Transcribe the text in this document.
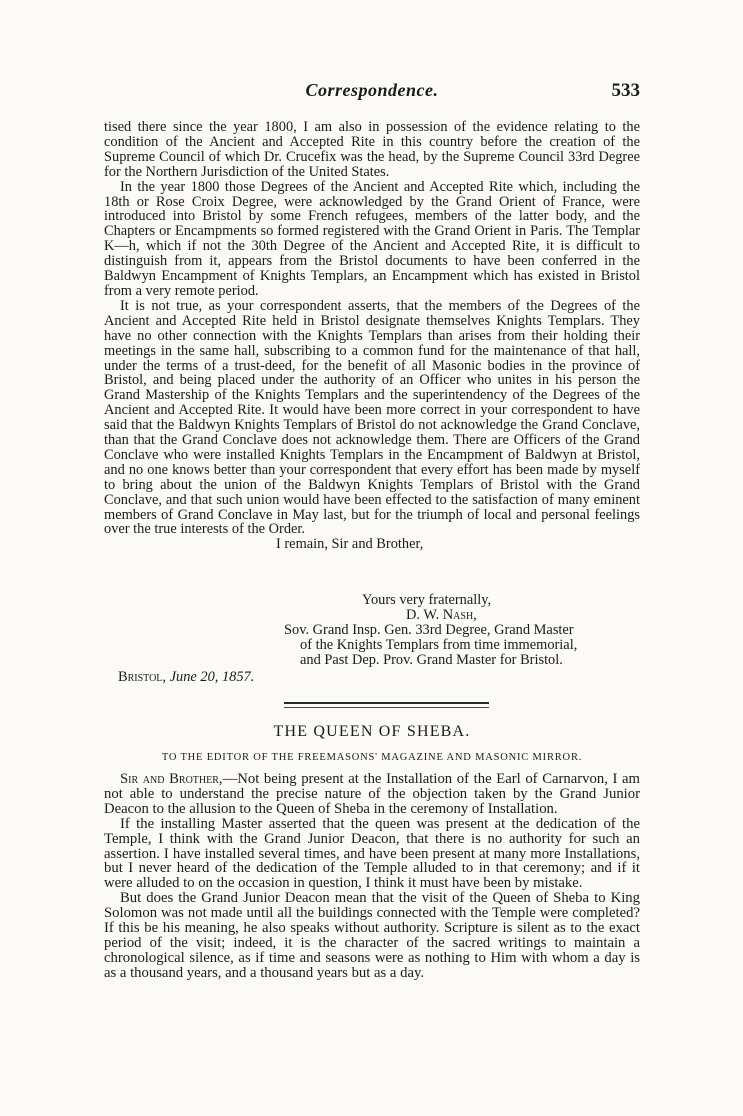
Correspondence.	533

tised there since the year 1800, I am also in possession of the evidence relating to the condition of the Ancient and Accepted Rite in this country before the creation of the Supreme Council of which Dr. Crucefix was the head, by the Supreme Council 33rd Degree for the Northern Jurisdiction of the United States.

In the year 1800 those Degrees of the Ancient and Accepted Rite which, including the 18th or Rose Croix Degree, were acknowledged by the Grand Orient of France, were introduced into Bristol by some French refugees, members of the latter body, and the Chapters or Encampments so formed registered with the Grand Orient in Paris. The Templar K—h, which if not the 30th Degree of the Ancient and Accepted Rite, it is difficult to distinguish from it, appears from the Bristol documents to have been conferred in the Baldwyn Encampment of Knights Templars, an Encampment which has existed in Bristol from a very remote period.

It is not true, as your correspondent asserts, that the members of the Degrees of the Ancient and Accepted Rite held in Bristol designate themselves Knights Templars. They have no other connection with the Knights Templars than arises from their holding their meetings in the same hall, subscribing to a common fund for the maintenance of that hall, under the terms of a trust-deed, for the benefit of all Masonic bodies in the province of Bristol, and being placed under the authority of an Officer who unites in his person the Grand Mastership of the Knights Templars and the superintendency of the Degrees of the Ancient and Accepted Rite. It would have been more correct in your correspondent to have said that the Baldwyn Knights Templars of Bristol do not acknowledge the Grand Conclave, than that the Grand Conclave does not acknowledge them. There are Officers of the Grand Conclave who were installed Knights Templars in the Encampment of Baldwyn at Bristol, and no one knows better than your correspondent that every effort has been made by myself to bring about the union of the Baldwyn Knights Templars of Bristol with the Grand Conclave, and that such union would have been effected to the satisfaction of many eminent members of Grand Conclave in May last, but for the triumph of local and personal feelings over the true interests of the Order.

I remain, Sir and Brother,
Yours very fraternally,
D. W. Nash,
Sov. Grand Insp. Gen. 33rd Degree, Grand Master
of the Knights Templars from time immemorial,
and Past Dep. Prov. Grand Master for Bristol.
Bristol, June 20, 1857.
THE QUEEN OF SHEBA.
TO THE EDITOR OF THE FREEMASONS' MAGAZINE AND MASONIC MIRROR.

Sir and Brother,—Not being present at the Installation of the Earl of Carnarvon, I am not able to understand the precise nature of the objection taken by the Grand Junior Deacon to the allusion to the Queen of Sheba in the ceremony of Installation.

If the installing Master asserted that the queen was present at the dedication of the Temple, I think with the Grand Junior Deacon, that there is no authority for such an assertion. I have installed several times, and have been present at many more Installations, but I never heard of the dedication of the Temple alluded to in that ceremony; and if it were alluded to on the occasion in question, I think it must have been by mistake.

But does the Grand Junior Deacon mean that the visit of the Queen of Sheba to King Solomon was not made until all the buildings connected with the Temple were completed? If this be his meaning, he also speaks without authority. Scripture is silent as to the exact period of the visit; indeed, it is the character of the sacred writings to maintain a chronological silence, as if time and seasons were as nothing to Him with whom a day is as a thousand years, and a thousand years but as a day.
